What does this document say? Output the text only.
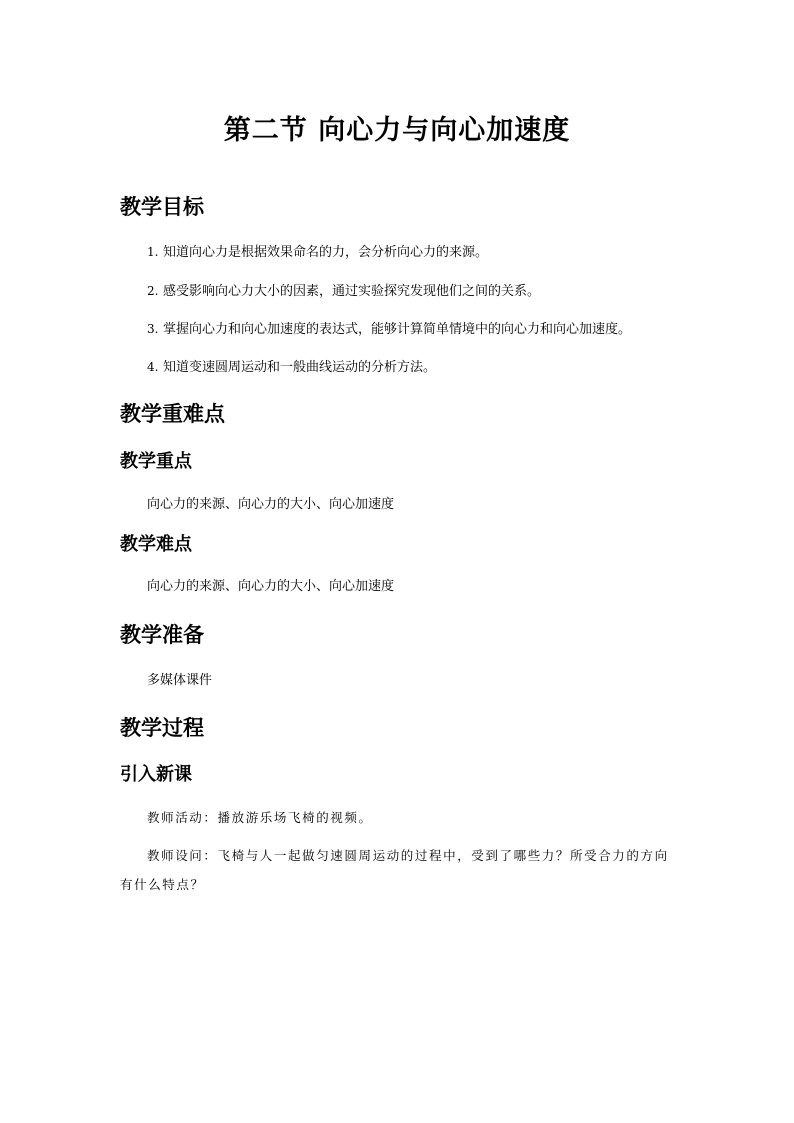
第二节 向心力与向心加速度
教学目标
1. 知道向心力是根据效果命名的力，会分析向心力的来源。
2. 感受影响向心力大小的因素，通过实验探究发现他们之间的关系。
3. 掌握向心力和向心加速度的表达式，能够计算简单情境中的向心力和向心加速度。
4. 知道变速圆周运动和一般曲线运动的分析方法。
教学重难点
教学重点
向心力的来源、向心力的大小、向心加速度
教学难点
向心力的来源、向心力的大小、向心加速度
教学准备
多媒体课件
教学过程
引入新课
教师活动：播放游乐场飞椅的视频。
教师设问：飞椅与人一起做匀速圆周运动的过程中，受到了哪些力？所受合力的方向有什么特点？
